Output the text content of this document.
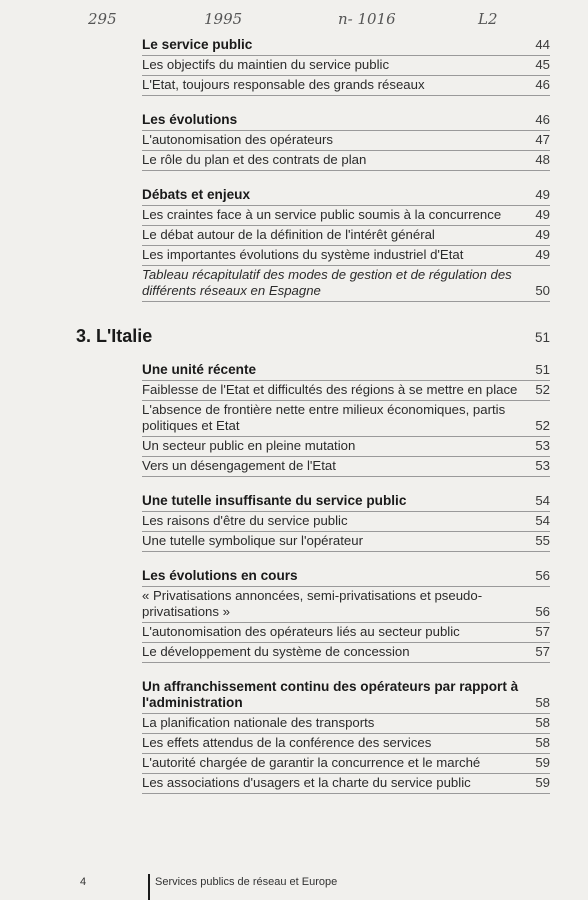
295	1995	n- 1016	L2
Le service public	44
Les objectifs du maintien du service public	45
L'Etat, toujours responsable des grands réseaux	46
Les évolutions	46
L'autonomisation des opérateurs	47
Le rôle du plan et des contrats de plan	48
Débats et enjeux	49
Les craintes face à un service public soumis à la concurrence	49
Le débat autour de la définition de l'intérêt général	49
Les importantes évolutions du système industriel d'Etat	49
Tableau récapitulatif des modes de gestion et de régulation des différents réseaux en Espagne	50
3. L'Italie	51
Une unité récente	51
Faiblesse de l'Etat et difficultés des régions à se mettre en place	52
L'absence de frontière nette entre milieux économiques, partis politiques et Etat	52
Un secteur public en pleine mutation	53
Vers un désengagement de l'Etat	53
Une tutelle insuffisante du service public	54
Les raisons d'être du service public	54
Une tutelle symbolique sur l'opérateur	55
Les évolutions en cours	56
« Privatisations annoncées, semi-privatisations et pseudo-privatisations »	56
L'autonomisation des opérateurs liés au secteur public	57
Le développement du système de concession	57
Un affranchissement continu des opérateurs par rapport à l'administration	58
La planification nationale des transports	58
Les effets attendus de la conférence des services	58
L'autorité chargée de garantir la concurrence et le marché	59
Les associations d'usagers et la charte du service public	59
4	Services publics de réseau et Europe
